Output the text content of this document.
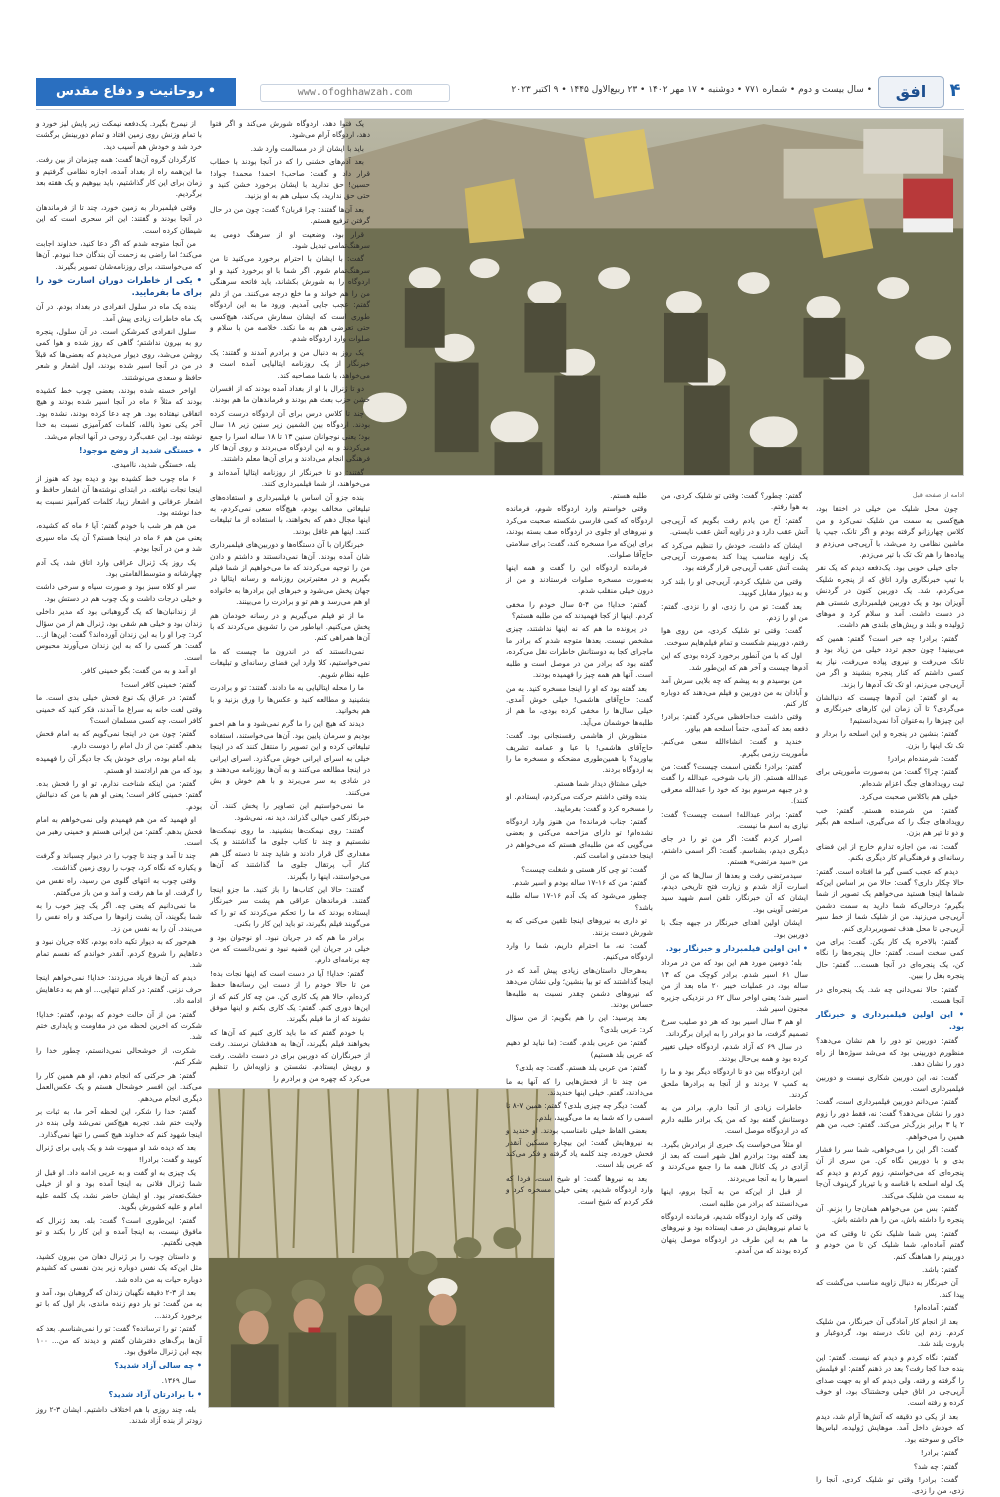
۴
افق
• سال بیست و دوم • شماره ۷۷۱ • دوشنبه • ۱۷ مهر ۱۴۰۲ • ۲۳ ربیع‌الاول ۱۴۴۵ • ۹ اکتبر ۲۰۲۳
www.ofoghhawzah.com
• روحانیت و دفاع مقدس

ادامه از صفحه قبل

چون محل شلیک من خیلی در اختفا بود، هیچ‌کسی به سمت من شلیک نمی‌کرد و من کلاس چهارزانو گرفته بودم و اگر تانک، جیپ یا ماشین نظامی رد می‌شد، با آرپی‌جی می‌زدم و پیاده‌ها را هم تک تک با تیر می‌زدم.

جای خیلی خوبی بود. یک‌دفعه دیدم که یک نفر با تیپ خبرنگاری وارد اتاق که از پنجره شلیک می‌کردم، شد. یک دوربین کنون در گردنش آویزان بود و یک دوربین فیلمبرداری شستی هم در دست داشت. آمد و سلام کرد و موهای ژولیده و بلند و ریش‌های بلندی هم داشت.

گفتم: برادر! چه خبر است؟ گفتم: همین که می‌بینید! چون حجم تردد خیلی من زیاد بود و تانک می‌رفت و نیروی پیاده می‌رفت، نیاز به کسی داشتم که کنار پنجره بنشیند و اگر من آرپی‌جی می‌زنم، او تک تک آدم‌ها را بزند.

به او گفتم: این آدم‌ها چیست که دنبالشان می‌گردی؟ تا آن زمان این کارهای خبرنگاری و این چیزها را به‌عنوان آدا نمی‌دانستیم!

گفتم: بنشین در پنجره و این اسلحه را بردار و تک تک اینها را بزن.

گفت: شرمنده‌ام برادر!

گفتم: چرا؟ گفت: من به‌صورت مأموریتی برای ثبت رویدادهای جنگ اعزام شده‌ام.

خیلی هم باکلاس صحبت می‌کرد.

گفتم: من شرمنده هستم. گفتم: خب رویدادهای جنگ را که می‌گیری، اسلحه هم بگیر و دو تا تیر هم بزن.

گفت: نه، من اجازه تدارم خارج از این فضای رسانه‌ای و فرهنگی‌ام کار دیگری بکنم.

دیدم که عجب کسی گیر ما افتاده است. گفتم: حالا چکار داری؟ گفت: حالا من بر اساس این‌که شماها اینجا هستید می‌خواهم یک تصویر از شما بگیرم؛ درحالی‌که شما دارید به سمت دشمن آرپی‌جی می‌زنید. من از شلیک شما از خط سیر آرپی‌جی تا محل هدف تصویربرداری کنم.

گفتم: بالاخره یک کار بکن. گفت: برای من کمی سخت است. گفتم: حال پنجره‌ها را نگاه کن، یک پنجره‌ای در آنجا هست... گفتم: حال پنجره بغل را ببین.

گفتم: حالا نمی‌دانی چه شد. یک پنجره‌ای در آنجا هست.

• این اولین فیلمبرداری و خبرنگار بود.

گفتم: دوربین تو دور را هم نشان می‌دهد؟ منظورم دوربینی بود که می‌شد سوژه‌ها از راه دور را نشان دهد.

گفت: نه، این دوربین شکاری نیست و دوربین فیلمبرداری است.

گفتم: می‌دانم دوربین فیلمبرداری است، گفت: دور را نشان می‌دهد؟ گفت: نه، فقط دور را زوم ۲ یا ۳ برابر بزرگ‌تر می‌کند. گفتم: خب، من هم همین را می‌خواهم.

گفت: اگر این را می‌خواهی، شما سر را فشار بدی و با دوربین نگاه کن. من سری از آن پنجره‌ای که می‌خواستم، زوم کردم و دیدم که یک لوله اسلحه با قناسه و با تیربار گرینوف آن‌جا به سمت من شلیک می‌کند.

گفتم: بس من می‌خواهم همان‌جا را بزنم. آن پنجره را داشته باش، من را هم داشته باش.

گفتم: پس شما شلیک نکن تا وقتی که من گفتم آماده‌ام، شما شلیک کن تا من خودم و دوربینم را هماهنگ کنم.

گفتم: باشد.

آن خبرنگار به دنبال زاویه مناسب می‌گشت که پیدا کند.

گفتم: آماده‌ام!

بعد از انجام کار آمادگی آن خبرنگار، من شلیک کردم. زدم این تانک درسته بود، گردوغبار و باروت بلند شد.

گفتم: نگاه کردم و دیدم که نیست. گفتم: این بنده خدا کجا رفت؟ بعد در ذهنم گفتم: او فیلمش را گرفته و رفته. ولی دیدم که او به جهت صدای آرپی‌جی در اتاق خیلی وحشتناک بود، او خوف کرده و رفته است.

بعد از یکی دو دقیقه که آتش‌ها آرام شد، دیدم که خودش داخل آمد. موهایش ژولیده، لباس‌ها خاکی و سوخته بود.

گفتم: برادر!

گفتم: چه شد؟

گفت: برادر! وقتی تو شلیک کردی، آنجا را زدی، من را زدی.

گفتم: چطور؟ گفت: وقتی تو شلیک کردی، من به هوا رفتم.

گفتم: آخ من یادم رفت بگویم که آرپی‌جی آتش عقب دارد و در زاویه آتش عقب نایستی.

ایشان که داشت، خودش را تنظیم می‌کرد که یک زاویه مناسب پیدا کند به‌صورت آرپی‌جی پشت آتش عقب آرپی‌جی قرار گرفته بود.

وقتی من شلیک کردم، آرپی‌جی او را بلند کرد و به دیوار مقابل کوبید.

بعد گفت: تو من را زدی، او را نزدی. گفتم: من او را زدم.

گفت: وقتی تو شلیک کردی، من روی هوا رفتم، دوربینم شکست و تمام فیلم‌هایم سوخت.

اول که با من آنطور برخورد کرده بودی که این آدم‌ها چیست و آخر هم که این‌طور شد.

من بوسیدم و به پیشم که چه بلایی سرش آمد و آبادان به من دوربین و فیلم می‌دهند که دوباره کار کنم.

وقتی داشت خداحافظی می‌کرد گفتم: برادر! دفعه بعد که آمدی، حتماً اسلحه هم بیاور.

خندید و گفت: انشاءالله سعی می‌کنم. مأموریت رزمی بگیرم.

گفتم: برادر! نگفتی اسمت چیست؟ گفت: من عبدالله هستم. (از باب شوخی، عبدالله را گفت و در جبهه مرسوم بود که خود را عبدالله معرفی کنند).

گفتم: برادر عبدالله! اسمت چیست؟ گفت: نیازی به اسم ما نیست.

اصرار کردم گفت: اگر من تو را در جای دیگری دیدم، بشناسم. گفت: اگر اسمی داشتم، من «سید مرتضی» هستم.

سیدمرتضی رفت و بعدها از سال‌ها که من از اسارت آزاد شدم و زیارت فتح تاریخی دیدم، ایشان که آن خبرنگار، تلفن اسم شهید سید مرتضی آوینی بود.

ایشان اولین اهدای خبرنگار در جبهه جنگ با دوربین بود.

• این اولین فیلمبردار و خبرنگار بود.

بله؛ دومین مورد هم این بود که من در مرداد سال ۶۱ اسیر شدم. برادر کوچک من که ۱۴ ساله بود، در عملیات خیبر ۲۰ ماه بعد از من اسیر شد؛ یعنی اواخر سال ۶۲ در نزدیکی جزیره مجنون اسیر شد.

او هم ۳ سال اسیر بود که هر دو صلیب سرخ تصمیم گرفت، ما دو برادر را به ایران برگرداند.

در سال ۶۹ که آزاد شدم، اردوگاه خیلی تغییر کرده بود و همه بی‌حال بودند.

این اردوگاه بین دو تا اردوگاه دیگر بود و ما را به کمپ ۷ بردند و از آنجا به برادرها ملحق کردند.

خاطرات زیادی از آنجا دارم. برادر من به دوستانش گفته بود که من یک برادر طلبه دارم که در اردوگاه موصل است.

او مثلاً می‌خواست یک خبری از برادرش بگیرد. بعد گفته بود: برادرم اهل شهر است که بعد از آزادی در یک کانال همه ما را جمع می‌کردند و اسیرها را به آنجا می‌بردند.

از قبل از این‌که من به آنجا بروم، اینها می‌دانستند که برادر من طلبه است.

وقتی که وارد اردوگاه شدیم، فرمانده اردوگاه با تمام نیروهایش در صف ایستاده بود و نیروهای ما هم به این طرف در اردوگاه موصل پنهان کرده بودند که من آمدم.

طلبه هستم.

وقتی خواستم وارد اردوگاه شوم، فرمانده اردوگاه که کمی فارسی شکسته صحبت می‌کرد و نیروهای او جلوی در اردوگاه صف بسته بودند، برای این‌که مرا مسخره کند، گفت: برای سلامتی حاج‌آقا صلوات.

فرمانده اردوگاه این را گفت و همه اینها به‌صورت مسخره صلوات فرستادند و من از درون خیلی منقلب شدم.

گفتم: خدایا! من ۴-۵ سال خودم را مخفی کردم. اینها از کجا فهمیدند که من طلبه هستم؟

در پرونده ما هم که نه اینها نداشتند، چیزی مشخص نیست. بعدها متوجه شدم که برادر ما ماجرای کجا به دوستانش خاطرات نقل می‌کرده، گفته بود که برادر من در موصل است و طلبه است. آنها هم همه چیز را فهمیده بودند.

بعد گفته بود که او را اینجا مسخره کنید. به من گفت: حاج‌آقای هاشمی! خیلی خوش آمدی. خیلی سال‌ها را مخفی کرده بودی، ما هم از طلبه‌ها خوشمان می‌آید.

منظورش از هاشمی رفسنجانی بود. گفت: حاج‌آقای هاشمی! با عبا و عمامه تشریف بیاورید؟ با همین‌طوری مضحکه و مسخره ما را به اردوگاه بردند.

خیلی مشتاق دیدار شما هستم.

بنده وقتی داشتم حرکت می‌کردم، ایستادم. او را مسخره کرد و گفت: بفرمایید.

گفتم: جناب فرمانده! من هنوز وارد اردوگاه نشده‌ام! تو دارای مزاحمه می‌کنی و بعضی می‌گویی که من طلبه‌ای هستم که می‌خواهم در اینجا خدمتی و امامت کنم.

گفت: تو چی کار هستی و شغلت چیست؟

گفتم: من که ۱۶-۱۷ ساله بودم و اسیر شدم.

چطور می‌شود که یک آدم ۱۶-۱۷ ساله طلبه باشد؟

تو داری به نیروهای اینجا تلقین می‌کنی که به شورش دست بزنند.

گفت: نه، ما احترام داریم، شما را وارد اردوگاه می‌کنیم.

به‌هرحال داستان‌های زیادی پیش آمد که در اینجا گذاشتند که تو بیا بنشین؛ ولی نشان می‌دهد که نیروهای دشمن چقدر نسبت به طلبه‌ها حساس بودند.

بعد پرسید: این را هم بگویم: از من سؤال کرد: عربی بلدی؟

گفتم: من عربی بلدم. گفت: (ما نباید لو دهیم که عربی بلد هستیم)

گفتم: من عربی بلد هستم. گفت: چه بلدی؟

من چند تا از فحش‌هایی را که آنها به ما می‌دادند، گفتم. خیلی اینها خندیدند.

گفت: دیگر چه چیزی بلدی؟ گفتم: همین ۷-۸ تا اسمی را که شما به ما می‌گویید، بلدم.

بعضی الفاظ خیلی نامناسب بودند. او خندید و به نیروهایش گفت: این بیچاره مسکین آنقدر فحش خورده، چند کلمه یاد گرفته و فکر می‌کند که عربی بلد است.

بعد به نیروها گفت: او شیخ است، فردا که وارد اردوگاه شدیم، یعنی خیلی مسخره کرد و فکر کردم که شیخ است.

یک فتوا دهد، اردوگاه شورش می‌کند و اگر فتوا دهد، اردوگاه آرام می‌شود.

باید با ایشان از در مسالمت وارد شد.

بعد آدم‌های خشنی را که در آنجا بودند با خطاب قرار داد و گفت: صاحب! احمد! محمد! جواد! حسین! حق ندارید با ایشان برخورد خشن کنید و حتی حق ندارید، یک سیلی هم به او بزنید.

بعد آن‌ها گفتند: چرا قربان؟ گفت: چون من در حال گرفتن ترفیع هستم.

قرار بود، وضعیت او از سرهنگ دومی به سرهنگ‌تمامی تبدیل شود.

گفت: با ایشان با احترام برخورد می‌کنید تا من سرهنگ‌تمام شوم. اگر شما با او برخورد کنید و او اردوگاه را به شورش بکشاند، باید فاتحه سرهنگی من را هم خواند و ما خلع درجه می‌کنند. من از دلم گفتم: عجب جایی آمدیم. ورود ما به این اردوگاه طوری است که ایشان سفارش می‌کند، هیچ‌کسی حتی تعرضی هم به ما نکند. خلاصه من با سلام و صلوات وارد اردوگاه شدم.

یک روز به دنبال من و برادرم آمدند و گفتند: یک خبرنگار از یک روزنامه ایتالیایی آمده است و می‌خواهد، با شما مصاحبه کند.

دو تا ژنرال با او از بغداد آمده بودند که از افسران خشن حزب بعث هم بودند و فرماندهان ما هم بودند.

چند تا کلاس درس برای آن اردوگاه درست کرده بودند. اردوگاه بین الشمین زیر سنین زیر ۱۸ سال بود؛ یعنی نوجوانان سنین ۱۳ تا ۱۸ ساله اسرا را جمع می‌کردند و به این اردوگاه می‌بردند و روی آن‌ها کار فرهنگی انجام می‌دادند و برای آن‌ها معلم داشتند.

گفتند: دو تا خبرنگار از روزنامه ایتالیا آمده‌اند و می‌خواهند، از شما فیلمبرداری کنند.

بنده جزو آن اساس با فیلمبرداری و استفاده‌های تبلیغاتی مخالف بودم، هیچ‌گاه سعی نمی‌کردم، به اینها مجال دهم که بخواهند، با استفاده از ما تبلیغات کنند. اینها هم غافل بودند.

خبرنگاران با آن دستگاه‌ها و دوربین‌های فیلمبرداری شان آمده بودند. آن‌ها نمی‌دانستند و داشتم و دادن من را توجیه می‌کردند که ما می‌خواهیم از شما فیلم بگیریم و در معتبرترین روزنامه و رسانه ایتالیا در جهان پخش می‌شود و خبرهای این برادرها به خانواده او هم می‌رسد و هم تو و برادرت را می‌بینند.

ما از تو فیلم می‌گیریم و در رسانه خودمان هم پخش می‌کنیم. ابیاطور من را تشویق می‌کردند که با آن‌ها همراهی کنم.

نمی‌دانستند که در اندرون ما چیست که ما نمی‌خواستیم، کلا وارد این فضای رسانه‌ای و تبلیغات علیه نظام شویم.

ما را محله ایتالیایی به ما دادند. گفتند: تو و برادرت بنشینید و مطالعه کنید و عکس‌ها را ورق بزنید و با هم بخوانید.

دیدند که هیچ این را ما گرم نمی‌شود و ما هم اخمو بودیم و سرمان پایین بود. آن‌ها می‌خواستند، استفاده تبلیغاتی کرده و این تصویر را منتقل کنند که در اینجا خیلی به اسرای ایرانی خوش می‌گذرد. اسرای ایرانی در اینجا مطالعه می‌کنند و به آن‌ها روزنامه می‌دهند و در شادی به سر می‌برند و با هم خوش و بش می‌کنند.

ما نمی‌خواستیم این تصاویر را پخش کنند. آن خبرنگار کمی خیالی گذراند، دید نه، نمی‌شود.

گفتند: روی نیمکت‌ها بنشینید. ما روی نیمکت‌ها نشستیم و چند تا کتاب جلوی ما گذاشتند و یک مقداری گل قرار دادند و شاید چند تا دسته گل هم کنار آب پرتقال جلوی ما گذاشتند که آن‌ها می‌خواستند، اینها را بگیرند.

گفتند: حالا این کتاب‌ها را باز کنید. ما جزو اینجا گفتند. فرماندهان عراقی هم پشت سر خبرنگار ایستاده بودند که ما را تحکم می‌کردند که تو را که می‌گویند فیلم بگیرند، تو باید این کار را بکنی.

برادر ما هم که در جریان نبود. او نوجوان بود و خیلی در جریان این قضیه نبود و نمی‌دانست که من چه برنامه‌ای دارم.

گفتم: خدایا! آیا در دست است که اینها نجات بده! من تا حالا خودم را از دست این رسانه‌ها حفظ کرده‌ام، حالا هم یک کاری کن. من چه کار کنم که از این‌ها دوری کنم. گفتم: یک کاری بکنم و اینها موفق نشوند که از ما فیلم بگیرند.

با خودم گفتم که ما باید کاری کنیم که آن‌ها که بخواهند فیلم بگیرند، آن‌ها به هدفشان نرسند. رفت از خبرنگاران که دوربین برای در دست داشت. رفت و رویش ایستادم. نشستن و زاویه‌اش را تنظیم می‌کرد که چهره من و برادرم را

از نیمرخ بگیرد. یک‌دفعه نیمکت زیر پایش لیز خورد و با تمام وزنش روی زمین افتاد و تمام دوربینش برگشت خرد شد و خودش هم آسیب دید.

کارگردان گروه آن‌ها گفت: همه چیزمان از بین رفت. ما این‌همه راه از بغداد آمده، اجازه نظامی گرفتیم و زمان برای این کار گذاشتیم، باید بیوهیم و یک هفته بعد برگردیم.

وقتی فیلمبردار به زمین خورد، چند تا از فرماندهان در آنجا بودند و گفتند: این اثر سحری است که این شیطان کرده است.

من آنجا متوجه شدم که اگر دعا کنید، خداوند اجابت می‌کند؛ اما راضی به زحمت آن بندگان خدا نبودم. آن‌ها که می‌خواستند، برای روزنامه‌شان تصویر بگیرند.

• یکی از خاطرات دوران اسارت خود را برای ما بفرمایید.

بنده یک ماه در سلول انفرادی در بغداد بودم. در آن یک ماه خاطرات زیادی پیش آمد.

سلول انفرادی کمرشکن است. در آن سلول، پنجره رو به بیرون نداشتم؛ گاهی که روز شده و هوا کمی روشن می‌شد، روی دیوار می‌دیدم که بعضی‌ها که قبلاً در من در آنجا اسیر شده بودند، اول اشعار و شعر حافظ و سعدی می‌نوشتند.

اواخر خسته شده بودند، بعضی چوب خط کشیده بودند که مثلاً ۶ ماه در آنجا اسیر شده بودند و هیچ اتفاقی نیفتاده بود. هر چه دعا کرده بودند، نشده بود. آخر یکی نعوذ بالله، کلمات کفرآمیزی نسبت به خدا نوشته بود. این عقب‌گرد روحی در آنها انجام می‌شد.

• خستگی شدید از وضع موجود!

بله، خستگی شدید، ناامیدی.

۶ ماه چوب خط کشیده بود و دیده بود که هنوز از اینجا نجات نیافته. در ابتدای نوشته‌ها آن اشعار حافظ و اشعار عرفانی و اشعار زیبا، کلمات کفرآمیز نسبت به خدا نوشته بود.

من هم هر شب با خودم گفتم: آیا ۶ ماه که کشیده، یعنی من هم ۶ ماه در اینجا هستم؟ آن یک ماه سپری شد و من در آنجا بودم.

یک روز یک ژنرال عراقی وارد اتاق شد، یک آدم چهارشانه و متوسط‌القامتی بود.

سر او کلاه سبز بود و صورت سیاه و سرخی داشت و خیلی درجات داشت و یک چوب هم در دستش بود.

از زندانبان‌ها که یک گروهبانی بود که مدیر داخلی زندان بود و خیلی هم شقی بود، ژنرال هم از من سؤال کرد: چرا او را به این زندان آورده‌اند؟ گفت: این‌ها از... گفت: هر کسی را که به این زندان می‌آورند محبوس است.

او آمد و به من گفت: بگو خمینی کافر.

گفتم: خمینی کافر است!

گفتم: در عراق یک نوع فحش خیلی بدی است. ما وقتی لغت خانه به سراغ ما آمدند، فکر کنید که خمینی کافر است، چه کسی مسلمان است؟

گفتم: چون من در اینجا نمی‌گویم که به امام فحش بدهم. گفتم: من از دل امام را دوست دارم.

بله امام بوده، برای خودش یک جا دیگر آن را فهمیده بود که من هم ارادتمند او هستم.

گفتم: من اینکه شناخت ندارم، تو او را فحش بده. گفتم: خمینی کافر است؛ یعنی او هم با من که دنبالش بودم.

او فهمید که من هم فهمیدم ولی نمی‌خواهم به امام فحش بدهم. گفتم: من ایرانی هستم و خمینی رهبر من است.

چند تا آمد و چند تا چوب را در دیوار چسباند و گرفت و یکباره که نگاه کرد، چوب را روی زمین گذاشت.

وقتی چوب به انتهای گلوی من رسید، راه نفس من را گرفت. او ما هم رفت و آمد و من باز می‌گفتم.

ما نمی‌دانیم که یعنی چه. اگر یک چیز خوب را به شما بگویند، آن پشت زانوها را می‌کند و راه نفس را می‌بندد. آن را به نفس من زد.

هم‌حور که به دیوار تکیه داده بودم، کلاه جریان نبود و دعاهایم را شروع کردم. آنقدر خواندم که نفسم تمام شد.

دیدم که آن‌ها فریاد می‌زدند: خدایا! نمی‌خواهم اینجا حرف نزنی. گفتم: در کدام تنهایی... او هم به دعاهایش ادامه داد.

گفتم: من از آن حالت خودم که بودم، گفتم: خدایا! شکرت که اخرین لحظه من در مقاومت و پایداری ختم شد.

شکرت، از خوشحالی نمی‌دانستم، چطور خدا را شکر کنم.

گفتم: هر حرکتی که انجام دهم، او هم همین کار را می‌کند. این افسر خوشحال هستم و یک عکس‌العمل دیگری انجام می‌دهم.

گفتم: خدا را شکر، این لحظه آخر ما، به ثبات بر ولایت ختم شد. تجربه هیچ‌کس نمی‌شد ولی بنده در اینجا شهود کنم که خداوند هیچ کسی را تنها نمی‌گذارد.

بعد که دیده شد او مبهوت شد و یک پایی برای ژنرال کوبید و گفت: برادرا!

یک چیزی به او گفت و به عربی ادامه داد. او قبل از شما ژنرال فلانی به اینجا آمده بود و او از خیلی خشک‌تعه‌تر بود. او ایشان حاضر نشد، یک کلمه علیه امام و علیه کشورش بگوید.

گفتم: این‌طوری است؟ گفت: بله. بعد ژنرال که مافوق نیست، به اینجا آمده و این کار را بکند و تو هیچی نگفتیم.

و داستان چوب را بر ژنرال دهان من بیرون کشید، مثل این‌که یک نفس دوباره زیر بدن نفسی که کشیدم دوباره حیات به من داده شد.

بعد از ۳-۲ دقیقه نگهبان زندان که گروهبان بود، آمد و به من گفت: تو بار دوم زنده ماندی، بار اول که با تو برخورد کردند...

گفتم: تو را ترسانده؟ گفت: تو را نمی‌شناسم. بعد که آن‌ها برگ‌های دفترشان گفتم و دیدند که من... ۱۰۰ بچه این ژنرال مافوق بود.

• چه سالی آزاد شدید؟

سال ۱۳۶۹.

• با برادرتان آزاد شدید؟

بله، چند روزی با هم اختلاف داشتیم. ایشان ۳-۲ روز زودتر از بنده آزاد شدند.
